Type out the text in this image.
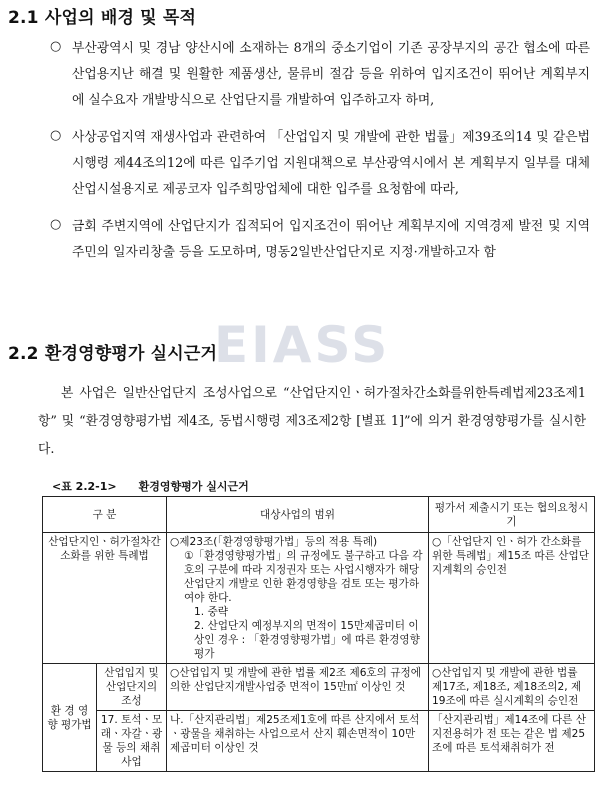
2.1 사업의 배경 및 목적
○ 부산광역시 및 경남 양산시에 소재하는 8개의 중소기업이 기존 공장부지의 공간 협소에 따른 산업용지난 해결 및 원활한 제품생산, 물류비 절감 등을 위하여 입지조건이 뛰어난 계획부지에 실수요자 개발방식으로 산업단지를 개발하여 입주하고자 하며,

○ 사상공업지역 재생사업과 관련하여 「산업입지 및 개발에 관한 법률」제39조의14 및 같은법 시행령 제44조의12에 따른 입주기업 지원대책으로 부산광역시에서 본 계획부지 일부를 대체산업시설용지로 제공코자 입주희망업체에 대한 입주를 요청함에 따라,

○ 금회 주변지역에 산업단지가 집적되어 입지조건이 뛰어난 계획부지에 지역경제 발전 및 지역 주민의 일자리창출 등을 도모하며, 명동2일반산업단지로 지정·개발하고자 함

EIASS
2.2 환경영향평가 실시근거

본 사업은 일반산업단지 조성사업으로 “산업단지인ㆍ허가절차간소화를위한특례법제23조제1항” 및 “환경영향평가법 제4조, 동법시행령 제3조제2항 [별표 1]”에 의거 환경영향평가를 실시한다.

<표 2.2-1> 환경영향평가 실시근거
구 분		대상사업의 범위	평가서 제출시기 또는 협의요청시기
산업단지인ㆍ허가절차간소화를 위한 특례법		○제23조(「환경영향평가법」등의 적용 특례)

①「환경영향평가법」의 규정에도 불구하고 다음 각 호의 구분에 따라 지정권자 또는 사업시행자가 해당 산업단지 개발로 인한 환경영향을 검토 또는 평가하여야 한다.

1. 중략

2. 산업단지 예정부지의 면적이 15만제곱미터 이상인 경우 : 「환경영향평가법」에 따른 환경영향평가	○「산업단지 인ㆍ허가 간소화를 위한 특례법」제15조 따른 산업단지계획의 승인전

환 경 영 향 평가법	산업입지 및 산업단지의 조성	○산업입지 및 개발에 관한 법률 제2조 제6호의 규정에 의한 산업단지개발사업중 면적이 15만㎡ 이상인 것	○산업입지 및 개발에 관한 법률 제17조, 제18조, 제18조의2, 제19조에 따른 실시계획의 승인전

	17. 토석ㆍ모래ㆍ자갈ㆍ광물 등의 채취사업	나.「산지관리법」제25조제1호에 따른 산지에서 토석ㆍ광물을 채취하는 사업으로서 산지 훼손면적이 10만 제곱미터 이상인 것	「산지관리법」제14조에 다른 산지전용허가 전 또는 같은 법 제25조에 따른 토석채취허가 전
